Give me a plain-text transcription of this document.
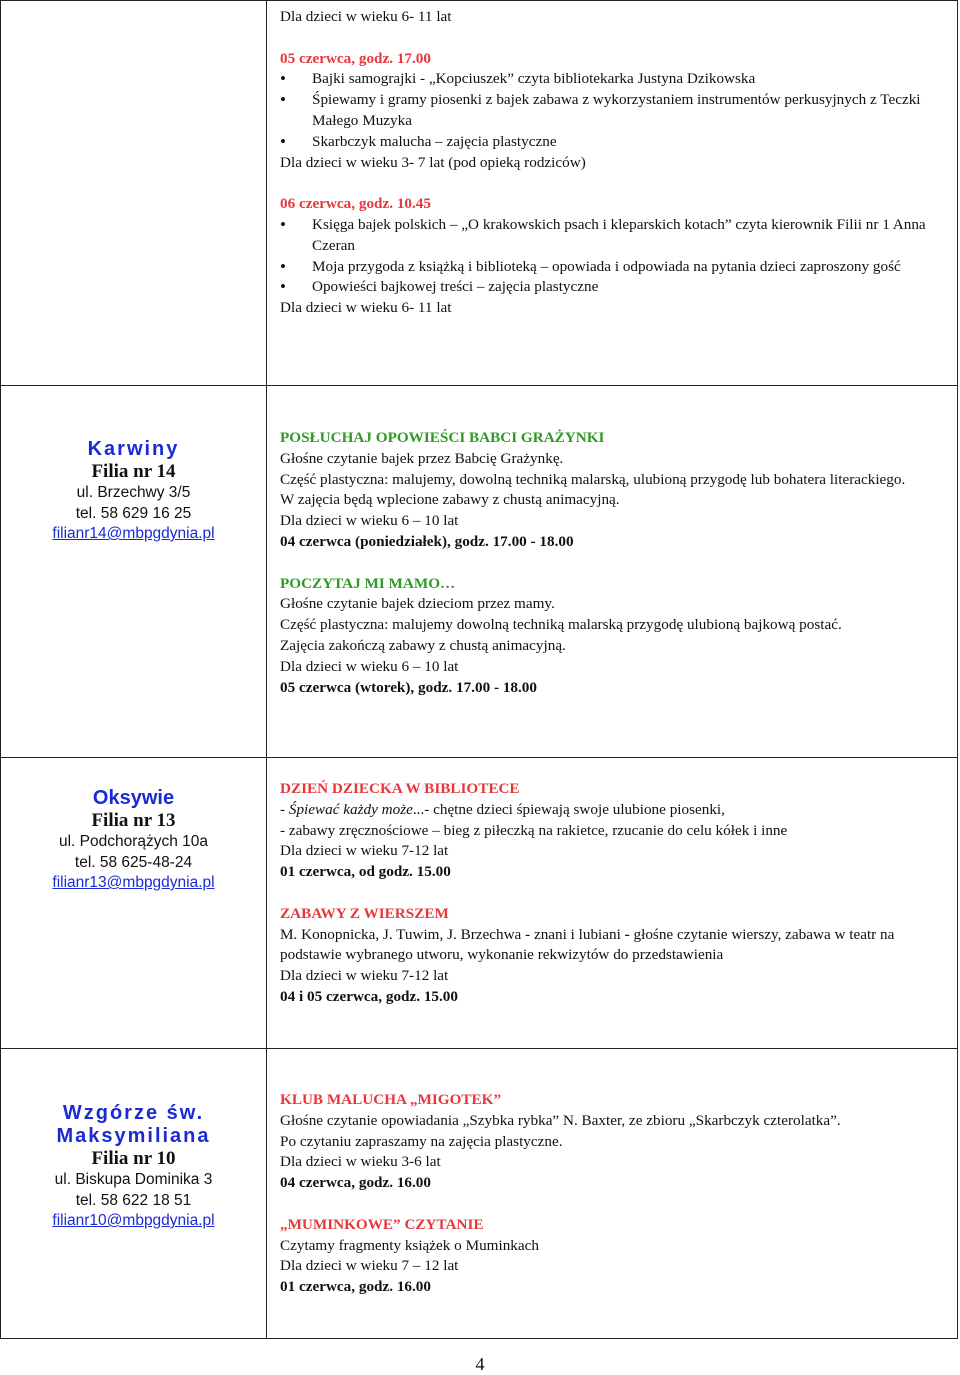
Dla dzieci w wieku 6- 11 lat
05 czerwca, godz. 17.00
• Bajki samograjki - „Kopciuszek” czyta bibliotekarka Justyna Dzikowska
• Śpiewamy i gramy piosenki z bajek zabawa z wykorzystaniem instrumentów perkusyjnych z Teczki Małego Muzyka
• Skarbczyk malucha – zajęcia plastyczne
Dla dzieci w wieku 3- 7 lat (pod opieką rodziców)
06 czerwca, godz. 10.45
• Księga bajek polskich – „O krakowskich psach i kleparskich kotach” czyta kierownik Filii nr 1 Anna Czeran
• Moja przygoda z książką i biblioteką – opowiada i odpowiada na pytania dzieci zaproszony gość
• Opowieści bajkowej treści – zajęcia plastyczne
Dla dzieci w wieku 6- 11 lat
Karwiny
Filia nr 14
ul. Brzechwy 3/5
tel. 58 629 16 25
filianr14@mbpgdynia.pl
POSŁUCHAJ OPOWIEŚCI BABCI GRAŻYNKI
Głośne czytanie bajek przez Babcię Grażynkę.
Część plastyczna: malujemy, dowolną techniką malarską, ulubioną przygodę lub bohatera literackiego.
W zajęcia będą wplecione zabawy z chustą animacyjną.
Dla dzieci w wieku 6 – 10 lat
04 czerwca (poniedziałek), godz. 17.00 - 18.00
POCZYTAJ MI MAMO…
Głośne czytanie bajek dzieciom przez mamy.
Część plastyczna: malujemy dowolną techniką malarską przygodę ulubioną bajkową postać.
Zajęcia zakończą zabawy z chustą animacyjną.
Dla dzieci w wieku 6 – 10 lat
05 czerwca (wtorek), godz. 17.00 - 18.00
Oksywie
Filia nr 13
ul. Podchorążych 10a
tel. 58 625-48-24
filianr13@mbpgdynia.pl
DZIEŃ DZIECKA W BIBLIOTECE
- Śpiewać każdy może...- chętne dzieci śpiewają swoje ulubione piosenki,
- zabawy zręcznościowe – bieg z piłeczką na rakietce, rzucanie do celu kółek i inne
Dla dzieci w wieku 7-12 lat
01 czerwca, od godz. 15.00
ZABAWY Z WIERSZEM
M. Konopnicka, J. Tuwim, J. Brzechwa - znani i lubiani - głośne czytanie wierszy, zabawa w teatr na podstawie wybranego utworu, wykonanie rekwizytów do przedstawienia
Dla dzieci w wieku 7-12 lat
04 i 05 czerwca, godz. 15.00
Wzgórze św.
Maksymiliana
Filia nr 10
ul. Biskupa Dominika 3
tel. 58 622 18 51
filianr10@mbpgdynia.pl
KLUB MALUCHA „MIGOTEK”
Głośne czytanie opowiadania „Szybka rybka” N. Baxter, ze zbioru „Skarbczyk czterolatka”.
Po czytaniu zapraszamy na zajęcia plastyczne.
Dla dzieci w wieku 3-6 lat
04 czerwca, godz. 16.00
„MUMINKOWE” CZYTANIE
Czytamy fragmenty książek o Muminkach
Dla dzieci w wieku 7 – 12 lat
01 czerwca, godz. 16.00
4
